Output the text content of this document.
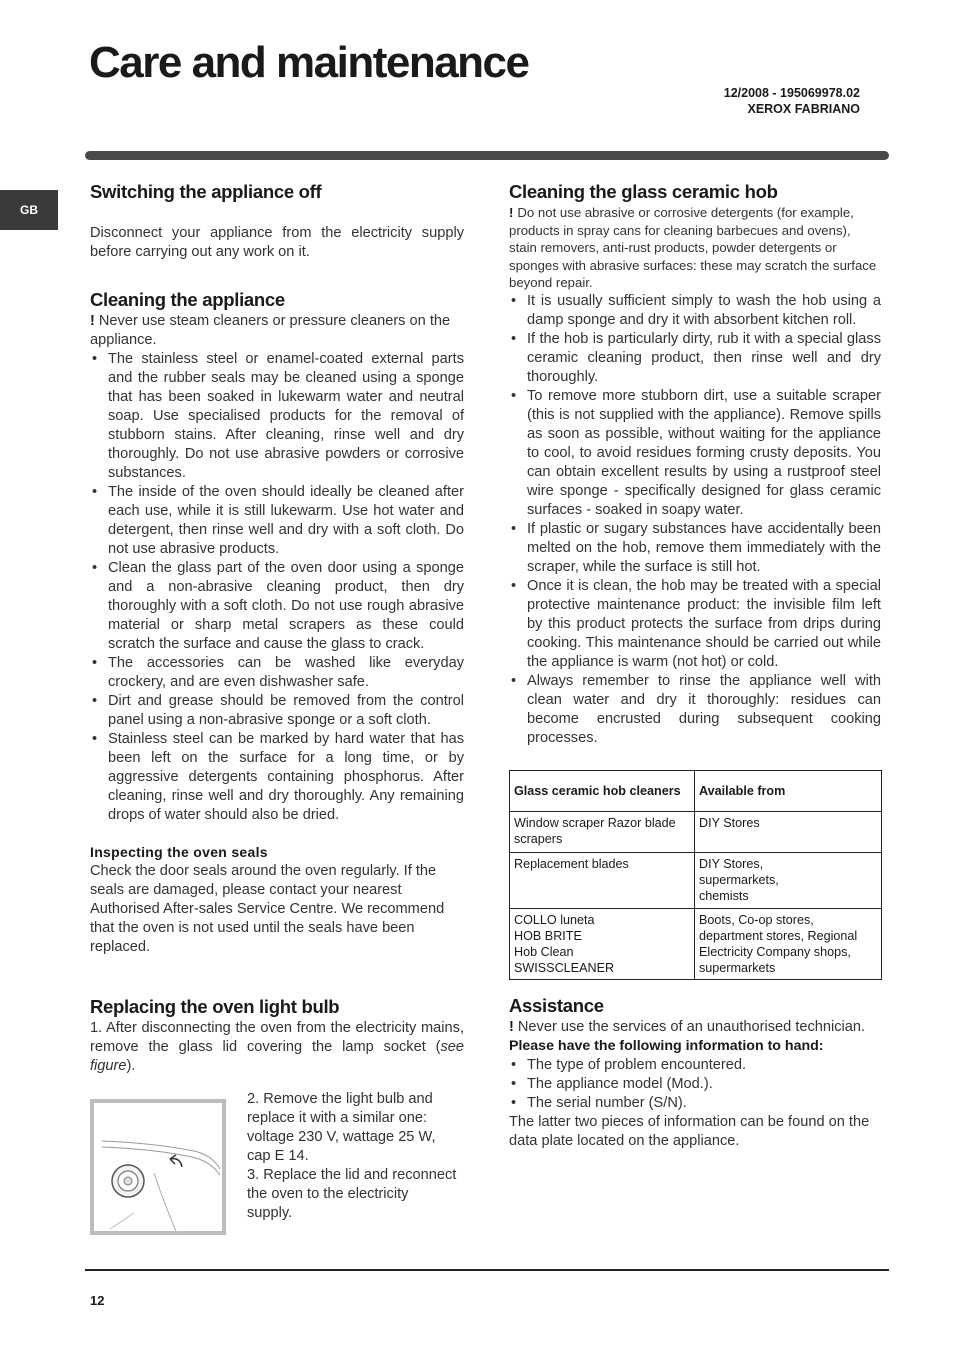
Care and maintenance
12/2008 - 195069978.02
XEROX FABRIANO
GB
Switching the appliance off

Disconnect your appliance from the electricity supply before carrying out any work on it.

Cleaning the appliance

! Never use steam cleaners or pressure cleaners on the appliance.

• The stainless steel or enamel-coated external parts and the rubber seals may be cleaned using a sponge that has been soaked in lukewarm water and neutral soap. Use specialised products for the removal of stubborn stains. After cleaning, rinse well and dry thoroughly. Do not use abrasive powders or corrosive substances.
• The inside of the oven should ideally be cleaned after each use, while it is still lukewarm. Use hot water and detergent, then rinse well and dry with a soft cloth. Do not use abrasive products.
• Clean the glass part of the oven door using a sponge and a non-abrasive cleaning product, then dry thoroughly with a soft cloth. Do not use rough abrasive material or sharp metal scrapers as these could scratch the surface and cause the glass to crack.
• The accessories can be washed like everyday crockery, and are even dishwasher safe.
• Dirt and grease should be removed from the control panel using a non-abrasive sponge or a soft cloth.
• Stainless steel can be marked by hard water that has been left on the surface for a long time, or by aggressive detergents containing phosphorus. After cleaning, rinse well and dry thoroughly. Any remaining drops of water should also be dried.
Inspecting the oven seals

Check the door seals around the oven regularly. If the seals are damaged, please contact your nearest Authorised After-sales Service Centre. We recommend that the oven is not used until the seals have been replaced.

Replacing the oven light bulb

1. After disconnecting the oven from the electricity mains, remove the glass lid covering the lamp socket (see figure).

2. Remove the light bulb and replace it with a similar one: voltage 230 V, wattage 25 W, cap E 14.

3. Replace the lid and reconnect the oven to the electricity supply.

Cleaning the glass ceramic hob

! Do not use abrasive or corrosive detergents (for example, products in spray cans for cleaning barbecues and ovens), stain removers, anti-rust products, powder detergents or sponges with abrasive surfaces: these may scratch the surface beyond repair.

• It is usually sufficient simply to wash the hob using a damp sponge and dry it with absorbent kitchen roll.
• If the hob is particularly dirty, rub it with a special glass ceramic cleaning product, then rinse well and dry thoroughly.
• To remove more stubborn dirt, use a suitable scraper (this is not supplied with the appliance). Remove spills as soon as possible, without waiting for the appliance to cool, to avoid residues forming crusty deposits. You can obtain excellent results by using a rustproof steel wire sponge - specifically designed for glass ceramic surfaces - soaked in soapy water.
• If plastic or sugary substances have accidentally been melted on the hob, remove them immediately with the scraper, while the surface is still hot.
• Once it is clean, the hob may be treated with a special protective maintenance product: the invisible film left by this product protects the surface from drips during cooking. This maintenance should be carried out while the appliance is warm (not hot) or cold.
• Always remember to rinse the appliance well with clean water and dry it thoroughly: residues can become encrusted during subsequent cooking processes.
Glass ceramic hob cleaners	Available from

Window scraper Razor blade scrapers	DIY Stores

Replacement blades	DIY Stores,
supermarkets,
chemists

COLLO luneta
HOB BRITE
Hob Clean
SWISSCLEANER	Boots, Co-op stores, department stores, Regional Electricity Company shops, supermarkets
Assistance

! Never use the services of an unauthorised technician.

Please have the following information to hand:

• The type of problem encountered.
• The appliance model (Mod.).
• The serial number (S/N).

The latter two pieces of information can be found on the data plate located on the appliance.

12
